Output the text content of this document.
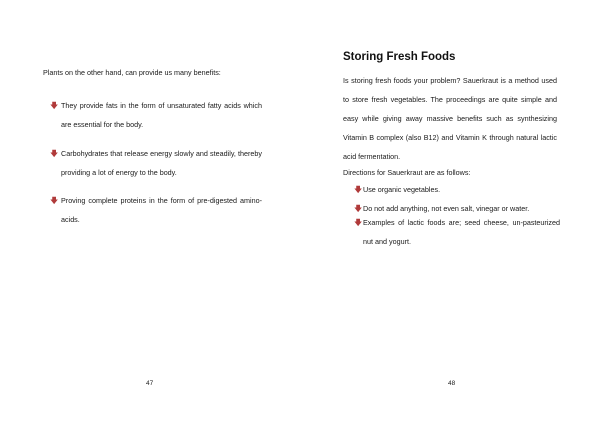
Plants on the other hand, can provide us many benefits:
🡇 They provide fats in the form of unsaturated fatty acids which are essential for the body.
🡇 Carbohydrates that release energy slowly and steadily, thereby providing a lot of energy to the body.
🡇 Proving complete proteins in the form of pre-digested amino-acids.
47
Storing Fresh Foods
Is storing fresh foods your problem? Sauerkraut is a method used to store fresh vegetables. The proceedings are quite simple and easy while giving away massive benefits such as synthesizing Vitamin B complex (also B12) and Vitamin K through natural lactic acid fermentation.
Directions for Sauerkraut are as follows:
🡇 Use organic vegetables.
🡇 Do not add anything, not even salt, vinegar or water.
🡇 Examples of lactic foods are; seed cheese, un-pasteurized nut and yogurt.
48
